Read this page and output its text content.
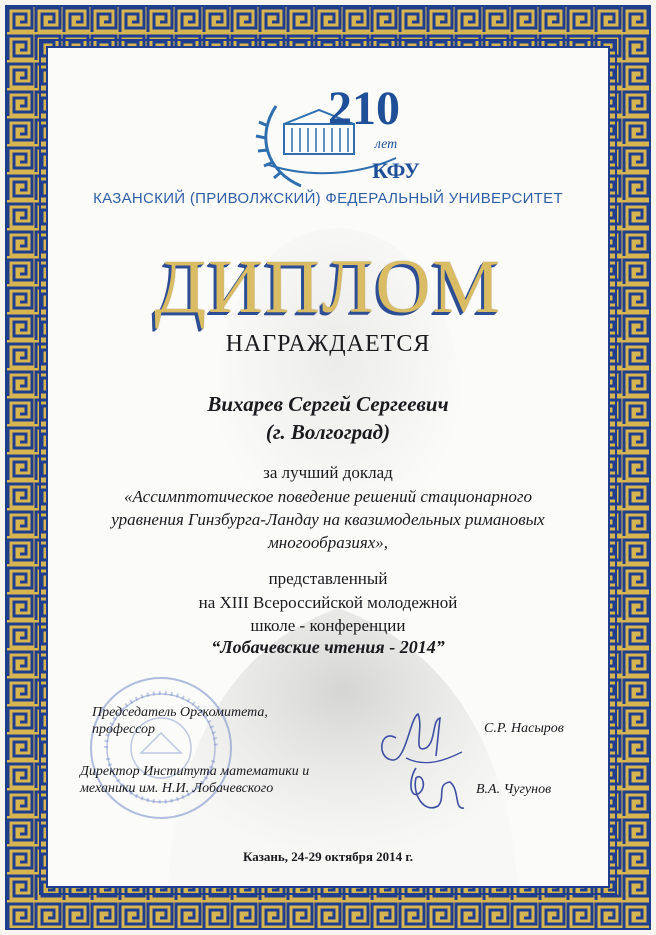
210
лет
КФУ
КАЗАНСКИЙ (ПРИВОЛЖСКИЙ) ФЕДЕРАЛЬНЫЙ УНИВЕРСИТЕТ
ДИПЛОМ
НАГРАЖДАЕТСЯ
Вихарев Сергей Сергеевич
(г. Волгоград)
за лучший доклад
«Ассимптотическое поведение решений стационарного
уравнения Гинзбурга-Ландау на квазимодельных римановых
многообразиях»,
представленный
на XIII Всероссийской молодежной
школе - конференции
“Лобачевские чтения - 2014”
Председатель Оргкомитета,
профессор	С.Р. Насыров
Директор Института математики и
механики им. Н.И. Лобачевского	В.А. Чугунов
Казань, 24-29 октября 2014 г.
